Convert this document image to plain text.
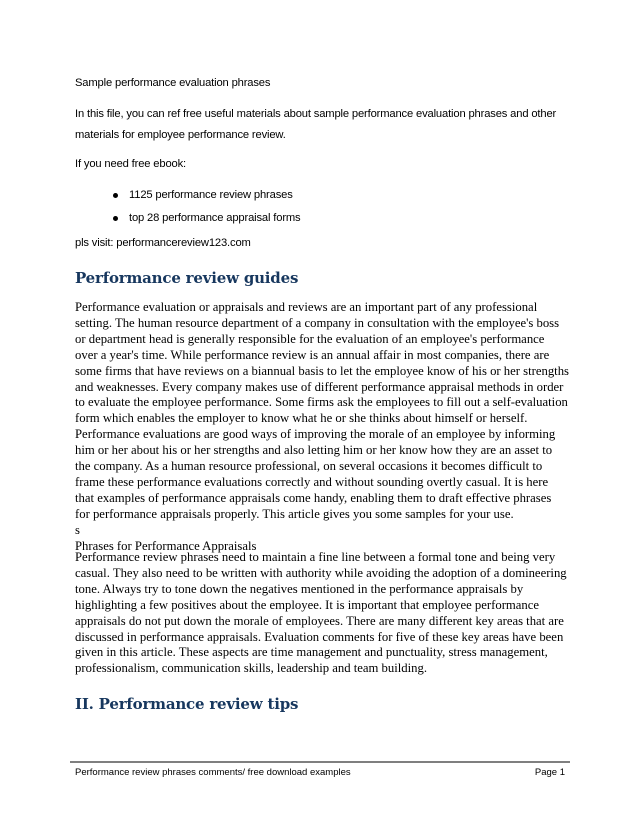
Sample performance evaluation phrases
In this file, you can ref free useful materials about sample performance evaluation phrases and other
materials for employee performance review.
If you need free ebook:
1125 performance review phrases
top 28 performance appraisal forms
pls visit: performancereview123.com
Performance review guides

Performance evaluation or appraisals and reviews are an important part of any professional

setting. The human resource department of a company in consultation with the employee's boss

or department head is generally responsible for the evaluation of an employee's performance

over a year's time. While performance review is an annual affair in most companies, there are

some firms that have reviews on a biannual basis to let the employee know of his or her strengths

and weaknesses. Every company makes use of different performance appraisal methods in order

to evaluate the employee performance. Some firms ask the employees to fill out a self-evaluation

form which enables the employer to know what he or she thinks about himself or herself.

Performance evaluations are good ways of improving the morale of an employee by informing

him or her about his or her strengths and also letting him or her know how they are an asset to

the company. As a human resource professional, on several occasions it becomes difficult to

frame these performance evaluations correctly and without sounding overtly casual. It is here

that examples of performance appraisals come handy, enabling them to draft effective phrases

for performance appraisals properly. This article gives you some samples for your use.

s

Phrases for Performance Appraisals

Performance review phrases need to maintain a fine line between a formal tone and being very

casual. They also need to be written with authority while avoiding the adoption of a domineering

tone. Always try to tone down the negatives mentioned in the performance appraisals by

highlighting a few positives about the employee. It is important that employee performance

appraisals do not put down the morale of employees. There are many different key areas that are

discussed in performance appraisals. Evaluation comments for five of these key areas have been

given in this article. These aspects are time management and punctuality, stress management,

professionalism, communication skills, leadership and team building.

II. Performance review tips
Performance review phrases comments/ free download examples	Page 1
